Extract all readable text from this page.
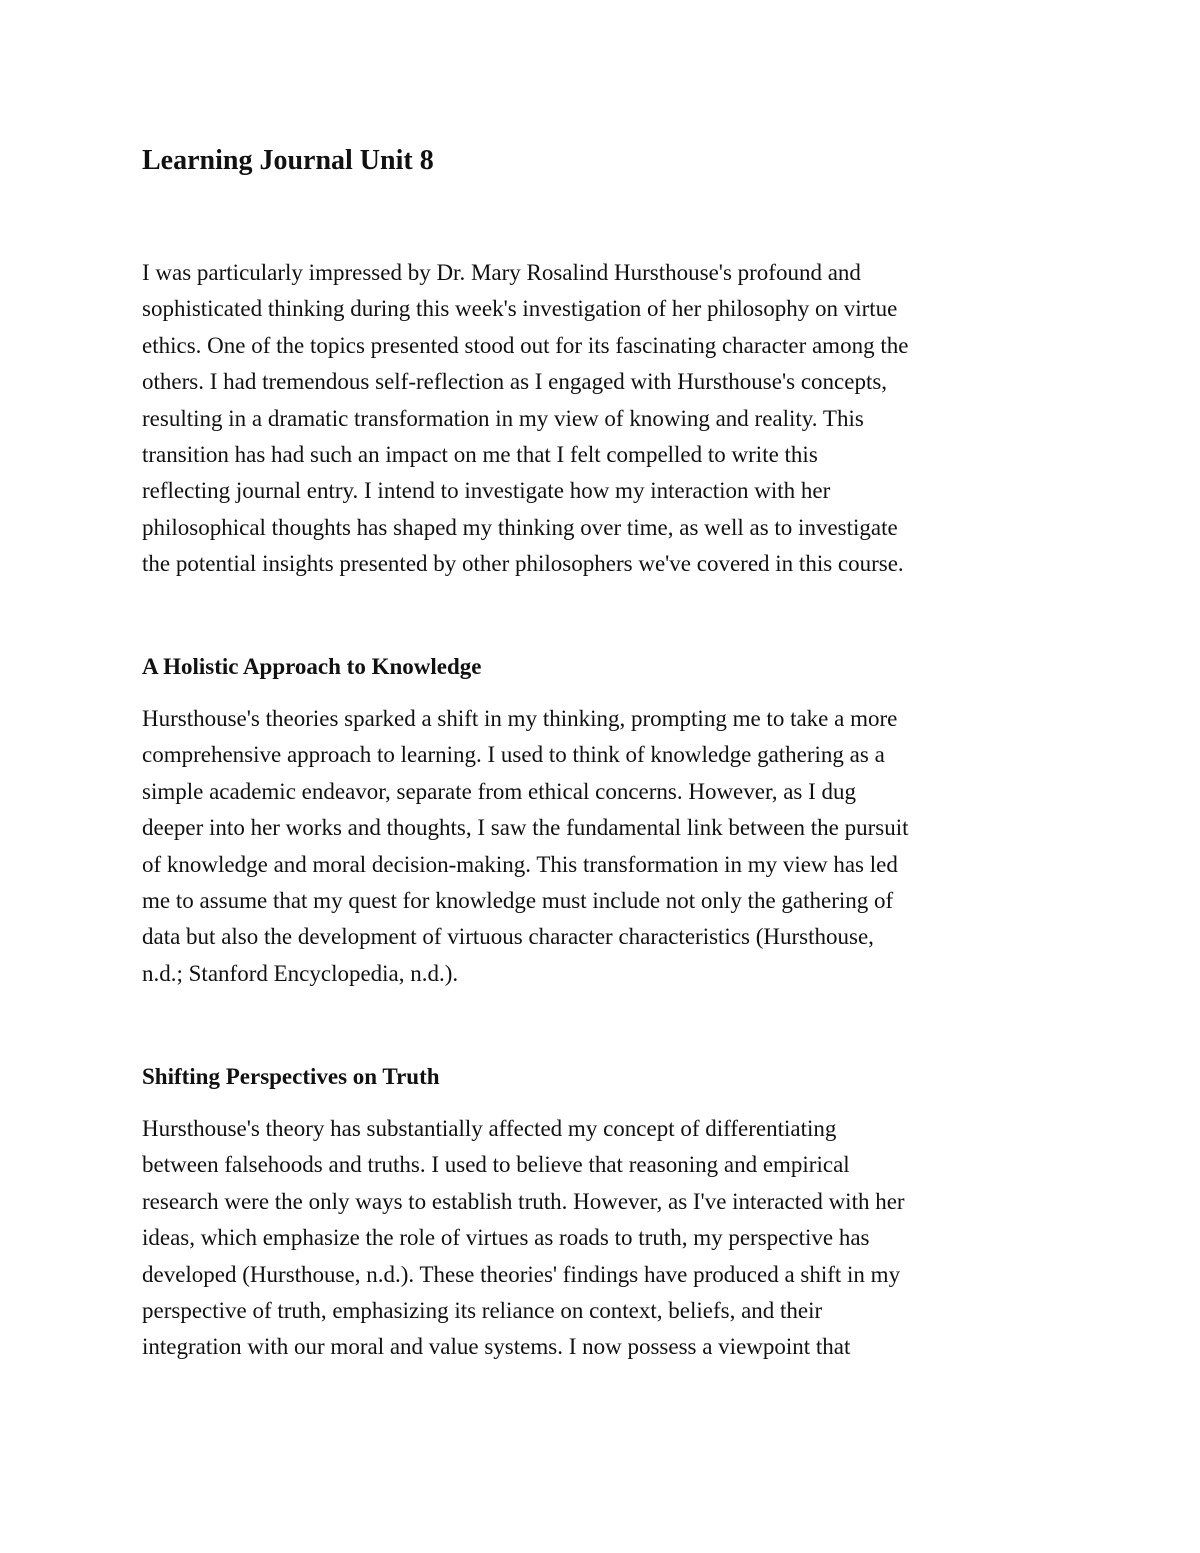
Learning Journal Unit 8

I was particularly impressed by Dr. Mary Rosalind Hursthouse's profound and
sophisticated thinking during this week's investigation of her philosophy on virtue
ethics. One of the topics presented stood out for its fascinating character among the
others. I had tremendous self-reflection as I engaged with Hursthouse's concepts,
resulting in a dramatic transformation in my view of knowing and reality. This
transition has had such an impact on me that I felt compelled to write this
reflecting journal entry. I intend to investigate how my interaction with her
philosophical thoughts has shaped my thinking over time, as well as to investigate
the potential insights presented by other philosophers we've covered in this course.

A Holistic Approach to Knowledge

Hursthouse's theories sparked a shift in my thinking, prompting me to take a more
comprehensive approach to learning. I used to think of knowledge gathering as a
simple academic endeavor, separate from ethical concerns. However, as I dug
deeper into her works and thoughts, I saw the fundamental link between the pursuit
of knowledge and moral decision-making. This transformation in my view has led
me to assume that my quest for knowledge must include not only the gathering of
data but also the development of virtuous character characteristics (Hursthouse,
n.d.; Stanford Encyclopedia, n.d.).

Shifting Perspectives on Truth

Hursthouse's theory has substantially affected my concept of differentiating
between falsehoods and truths. I used to believe that reasoning and empirical
research were the only ways to establish truth. However, as I've interacted with her
ideas, which emphasize the role of virtues as roads to truth, my perspective has
developed (Hursthouse, n.d.). These theories' findings have produced a shift in my
perspective of truth, emphasizing its reliance on context, beliefs, and their
integration with our moral and value systems. I now possess a viewpoint that
